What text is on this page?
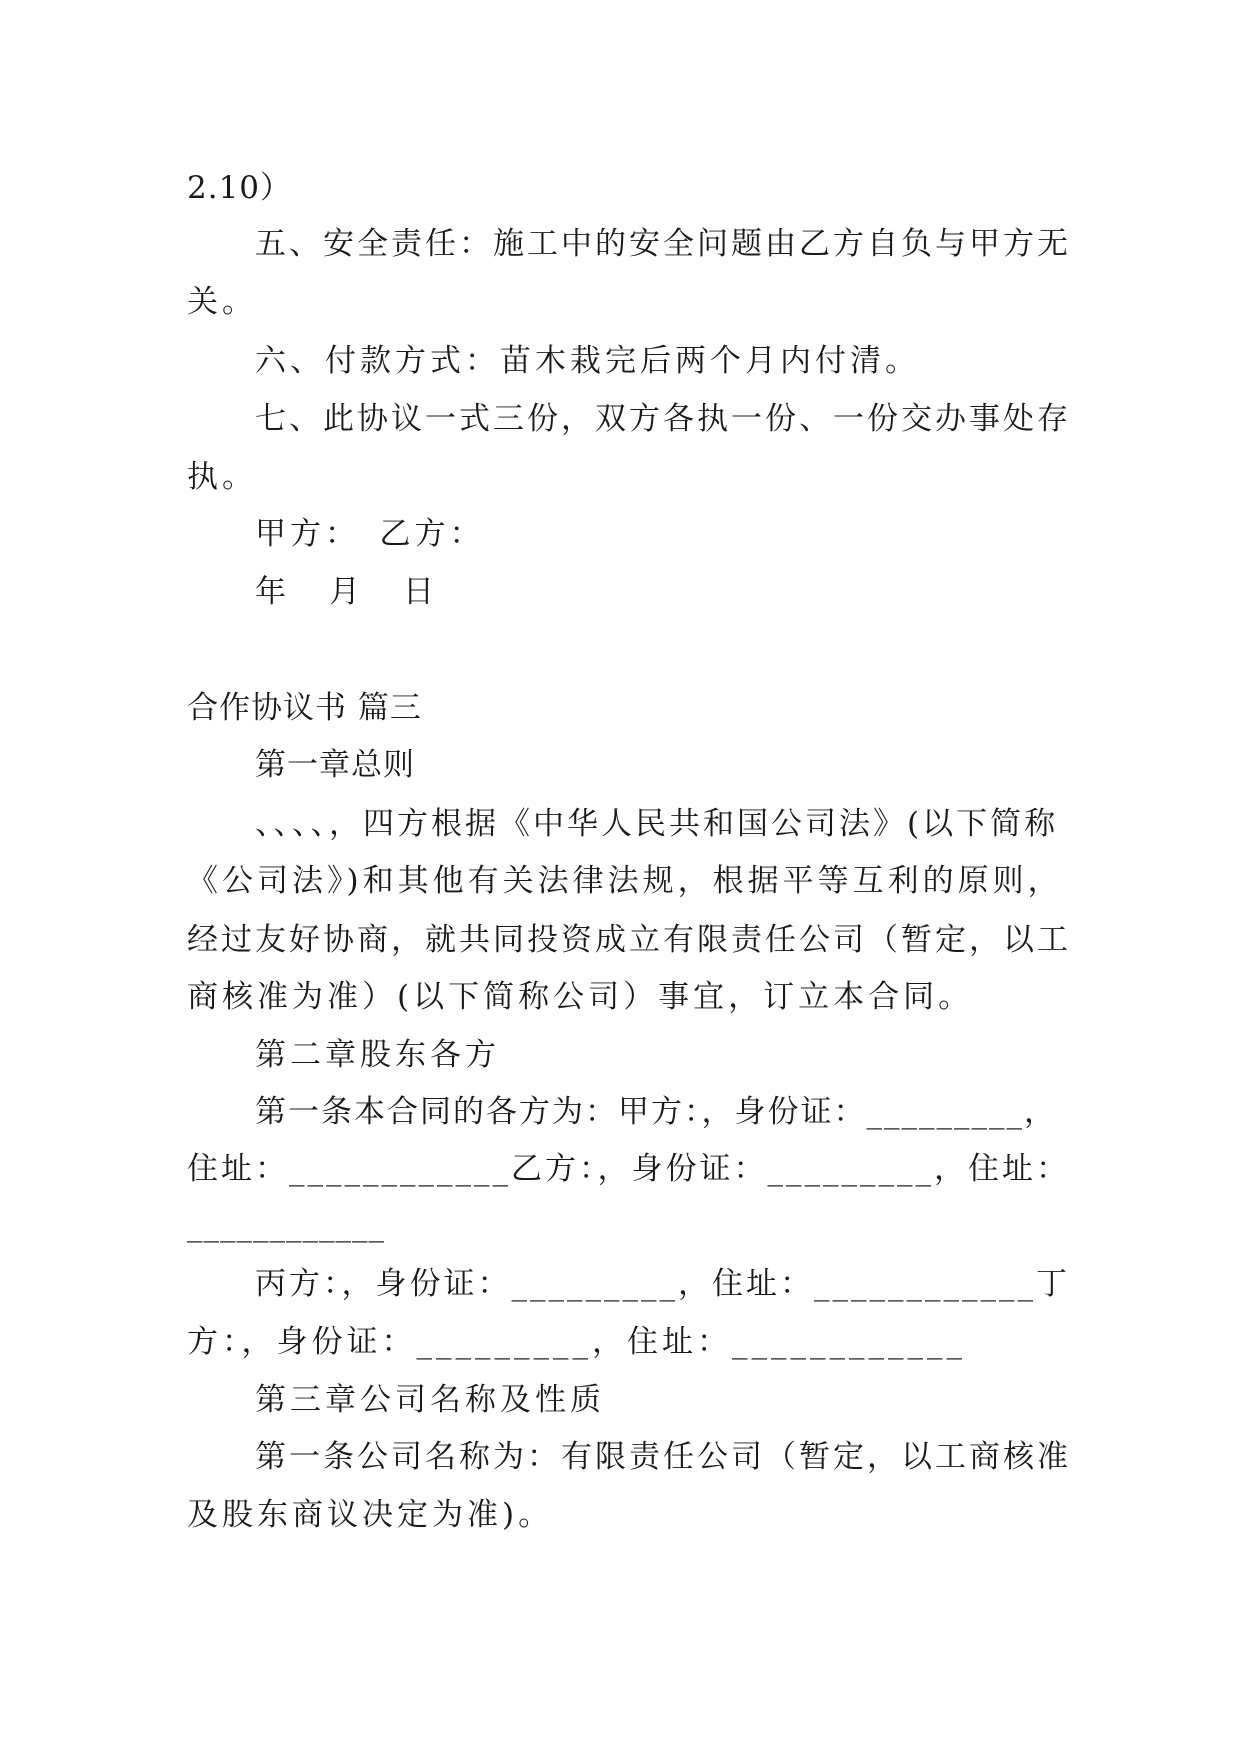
2.10）
五、安全责任：施工中的安全问题由乙方自负与甲方无
关。
六、付款方式：苗木栽完后两个月内付清。
七、此协议一式三份，双方各执一份、一份交办事处存
执。
甲方：　乙方：
年　月　日
合作协议书 篇三
第一章总则
、、、、，四方根据《中华人民共和国公司法》(以下简称
《公司法》)和其他有关法律法规，根据平等互利的原则，
经过友好协商，就共同投资成立有限责任公司（暂定，以工
商核准为准）(以下简称公司）事宜，订立本合同。
第二章股东各方
第一条本合同的各方为：甲方：，身份证：_________，
住址：____________乙方：，身份证：_________，住址：
____________
丙方：，身份证：_________，住址：____________丁
方：，身份证：_________，住址：____________
第三章公司名称及性质
第一条公司名称为：有限责任公司（暂定，以工商核准
及股东商议决定为准)。
